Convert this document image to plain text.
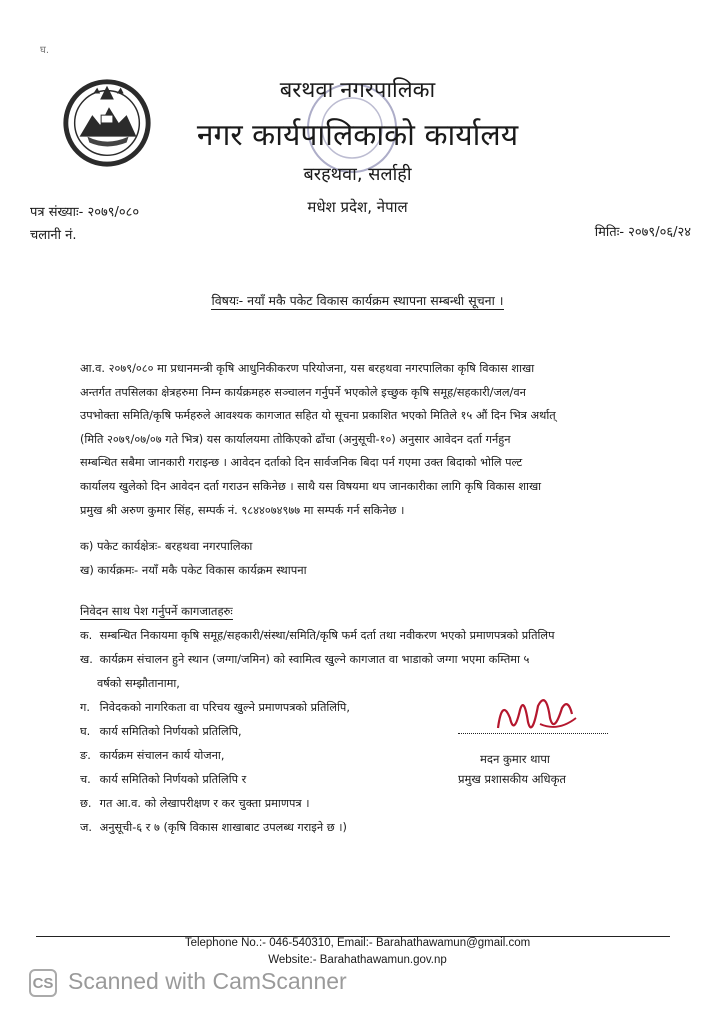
घ.
बरथवा नगरपालिका
नगर कार्यपालिकाको कार्यालय
बरहथवा, सर्लाही
मधेश प्रदेश, नेपाल
पत्र संख्याः- २०७९/०८०
चलानी नं.	मितिः- २०७९/०६/२४
विषयः- नयाँ मकै पकेट विकास कार्यक्रम स्थापना सम्बन्धी सूचना ।

आ.व. २०७९/०८० मा प्रधानमन्त्री कृषि आधुनिकीकरण परियोजना, यस बरहथवा नगरपालिका कृषि विकास शाखा

अन्तर्गत तपसिलका क्षेत्रहरुमा निम्न कार्यक्रमहरु सञ्चालन गर्नुपर्ने भएकोले इच्छुक कृषि समूह/सहकारी/जल/वन

उपभोक्ता समिति/कृषि फर्महरुले आवश्यक कागजात सहित यो सूचना प्रकाशित भएको मितिले १५ औं दिन भित्र अर्थात्

(मिति २०७९/०७/०७ गते भित्र) यस कार्यालयमा तोकिएको ढाँचा (अनुसूची-१०) अनुसार आवेदन दर्ता गर्नहुन

सम्बन्धित सबैमा जानकारी गराइन्छ । आवेदन दर्ताको दिन सार्वजनिक बिदा पर्न गएमा उक्त बिदाको भोलि पल्ट

कार्यालय खुलेको दिन आवेदन दर्ता गराउन सकिनेछ । साथै यस विषयमा थप जानकारीका लागि कृषि विकास शाखा

प्रमुख श्री अरुण कुमार सिंह, सम्पर्क नं. ९८४४०७४९७७ मा सम्पर्क गर्न सकिनेछ ।

क) पकेट कार्यक्षेत्रः- बरहथवा नगरपालिका
ख) कार्यक्रमः- नयाँ मकै पकेट विकास कार्यक्रम स्थापना
निवेदन साथ पेश गर्नुपर्ने कागजातहरुः
क. सम्बन्धित निकायमा कृषि समूह/सहकारी/संस्था/समिति/कृषि फर्म दर्ता तथा नवीकरण भएको प्रमाणपत्रको प्रतिलिप
ख. कार्यक्रम संचालन हुने स्थान (जग्गा/जमिन) को स्वामित्व खुल्ने कागजात वा भाडाको जग्गा भएमा कम्तिमा ५
वर्षको सम्झौतानामा,
ग. निवेदकको नागरिकता वा परिचय खुल्ने प्रमाणपत्रको प्रतिलिपि,
घ. कार्य समितिको निर्णयको प्रतिलिपि,
ङ. कार्यक्रम संचालन कार्य योजना,
च. कार्य समितिको निर्णयको प्रतिलिपि र
छ. गत आ.व. को लेखापरीक्षण र कर चुक्ता प्रमाणपत्र ।
ज. अनुसूची-६ र ७ (कृषि विकास शाखाबाट उपलब्ध गराइने छ ।)
मदन कुमार थापा
प्रमुख प्रशासकीय अधिकृत
Telephone No.:- 046-540310, Email:- Barahathawamun@gmail.com
Website:- Barahathawamun.gov.np
CS Scanned with CamScanner
